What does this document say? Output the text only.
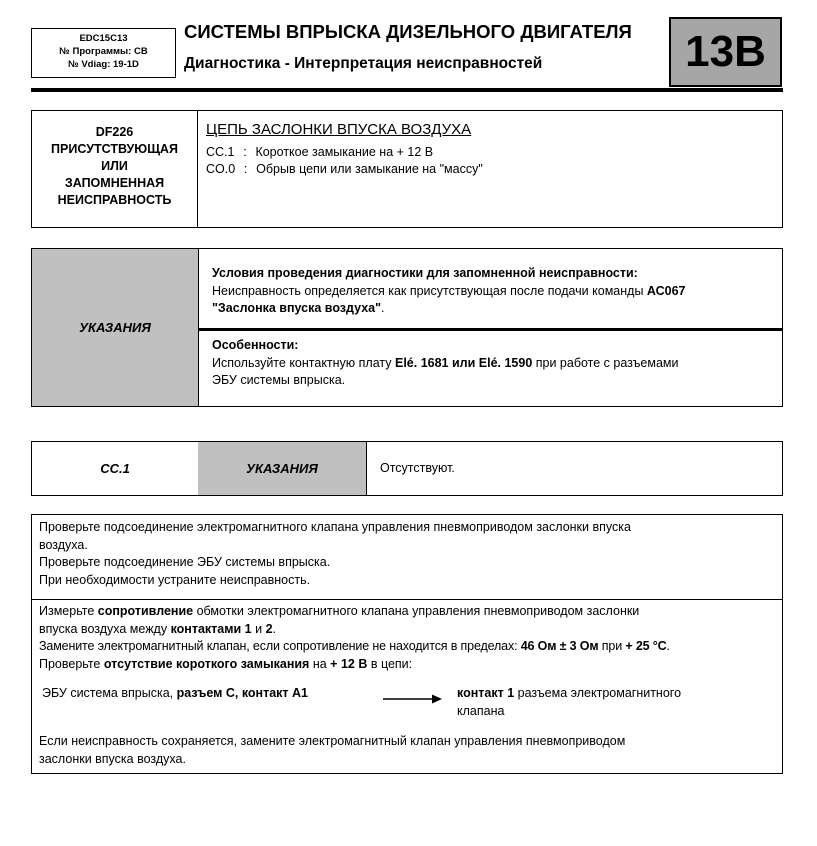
EDC15C13
№ Программы: СВ
№ Vdiag: 19-1D
СИСТЕМЫ ВПРЫСКА ДИЗЕЛЬНОГО ДВИГАТЕЛЯ
Диагностика - Интерпретация неисправностей	13B
DF226
ПРИСУТСТВУЮЩАЯ
ИЛИ
ЗАПОМНЕННАЯ
НЕИСПРАВНОСТЬ
ЦЕПЬ ЗАСЛОНКИ ВПУСКА ВОЗДУХА
CC.1 : Короткое замыкание на + 12 В
CO.0 : Обрыв цепи или замыкание на "массу"
УКАЗАНИЯ
Условия проведения диагностики для запомненной неисправности:
Неисправность определяется как присутствующая после подачи команды АС067
"Заслонка впуска воздуха".
Особенности:
Используйте контактную плату Elé. 1681 или Elé. 1590 при работе с разъемами
ЭБУ системы впрыска.
CC.1	УКАЗАНИЯ	Отсутствуют.
Проверьте подсоединение электромагнитного клапана управления пневмоприводом заслонки впуска
воздуха.
Проверьте подсоединение ЭБУ системы впрыска.
При необходимости устраните неисправность.
Измерьте сопротивление обмотки электромагнитного клапана управления пневмоприводом заслонки
впуска воздуха между контактами 1 и 2.
Замените электромагнитный клапан, если сопротивление не находится в пределах: 46 Ом ± 3 Ом при + 25 °С.
Проверьте отсутствие короткого замыкания на + 12 В в цепи:
ЭБУ система впрыска, разъем С, контакт А1	контакт 1 разъема электромагнитного
клапана
Если неисправность сохраняется, замените электромагнитный клапан управления пневмоприводом
заслонки впуска воздуха.
